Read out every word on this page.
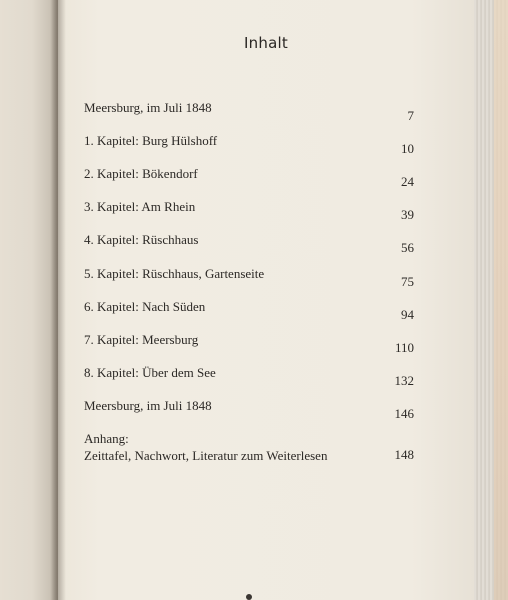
Inhalt
Meersburg, im Juli 1848
7
1. Kapitel: Burg Hülshoff
10
2. Kapitel: Bökendorf
24
3. Kapitel: Am Rhein
39
4. Kapitel: Rüschhaus
56
5. Kapitel: Rüschhaus, Gartenseite
75
6. Kapitel: Nach Süden
94
7. Kapitel: Meersburg
110
8. Kapitel: Über dem See
132
Meersburg, im Juli 1848
146
Anhang:
Zeittafel, Nachwort, Literatur zum Weiterlesen	148
